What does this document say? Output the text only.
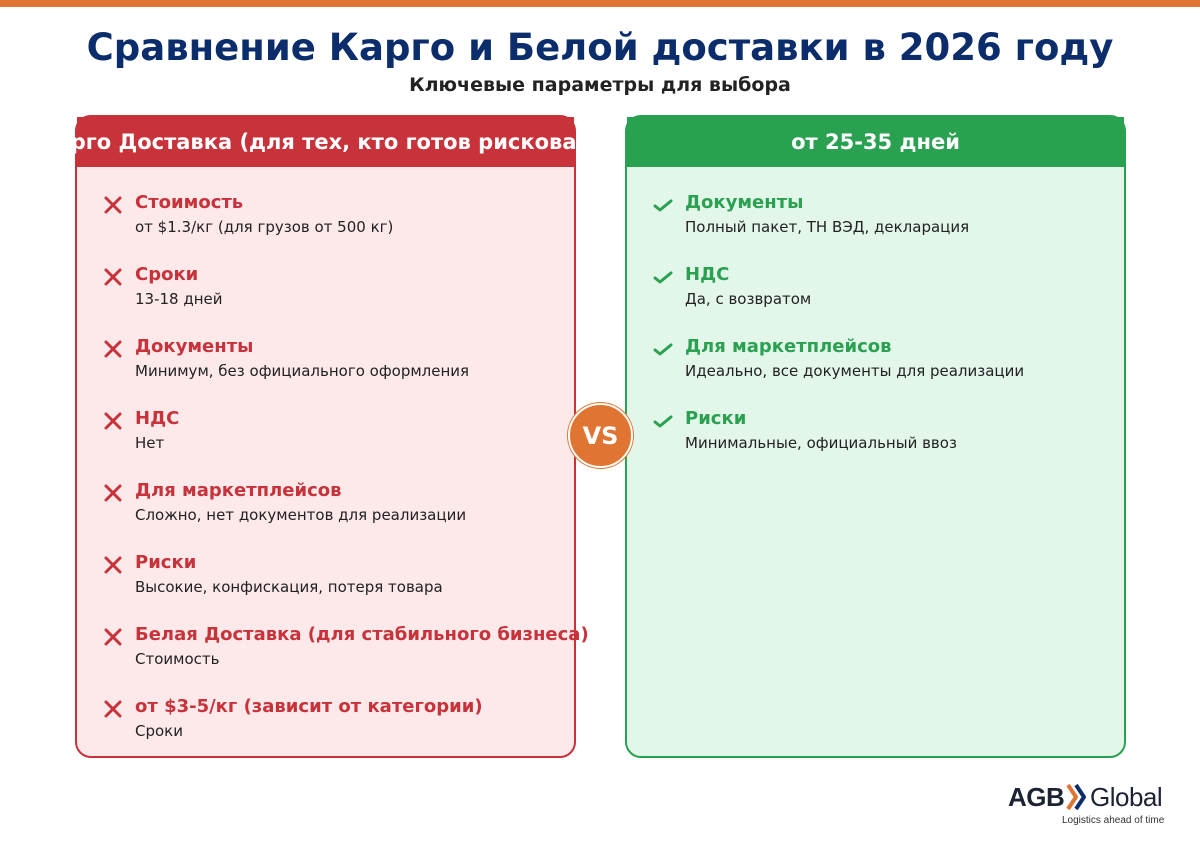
Сравнение Карго и Белой доставки в 2026 году
Ключевые параметры для выбора
Карго Доставка (для тех, кто готов рисковать)
Стоимость
от $1.3/кг (для грузов от 500 кг)
Сроки
13-18 дней
Документы
Минимум, без официального оформления
НДС
Нет
Для маркетплейсов
Сложно, нет документов для реализации
Риски
Высокие, конфискация, потеря товара
Белая Доставка (для стабильного бизнеса)
Стоимость
от $3-5/кг (зависит от категории)
Сроки
от 25-35 дней
Документы
Полный пакет, ТН ВЭД, декларация
НДС
Да, с возвратом
Для маркетплейсов
Идеально, все документы для реализации
Риски
Минимальные, официальный ввоз
VS
AGB Global
Logistics ahead of time
